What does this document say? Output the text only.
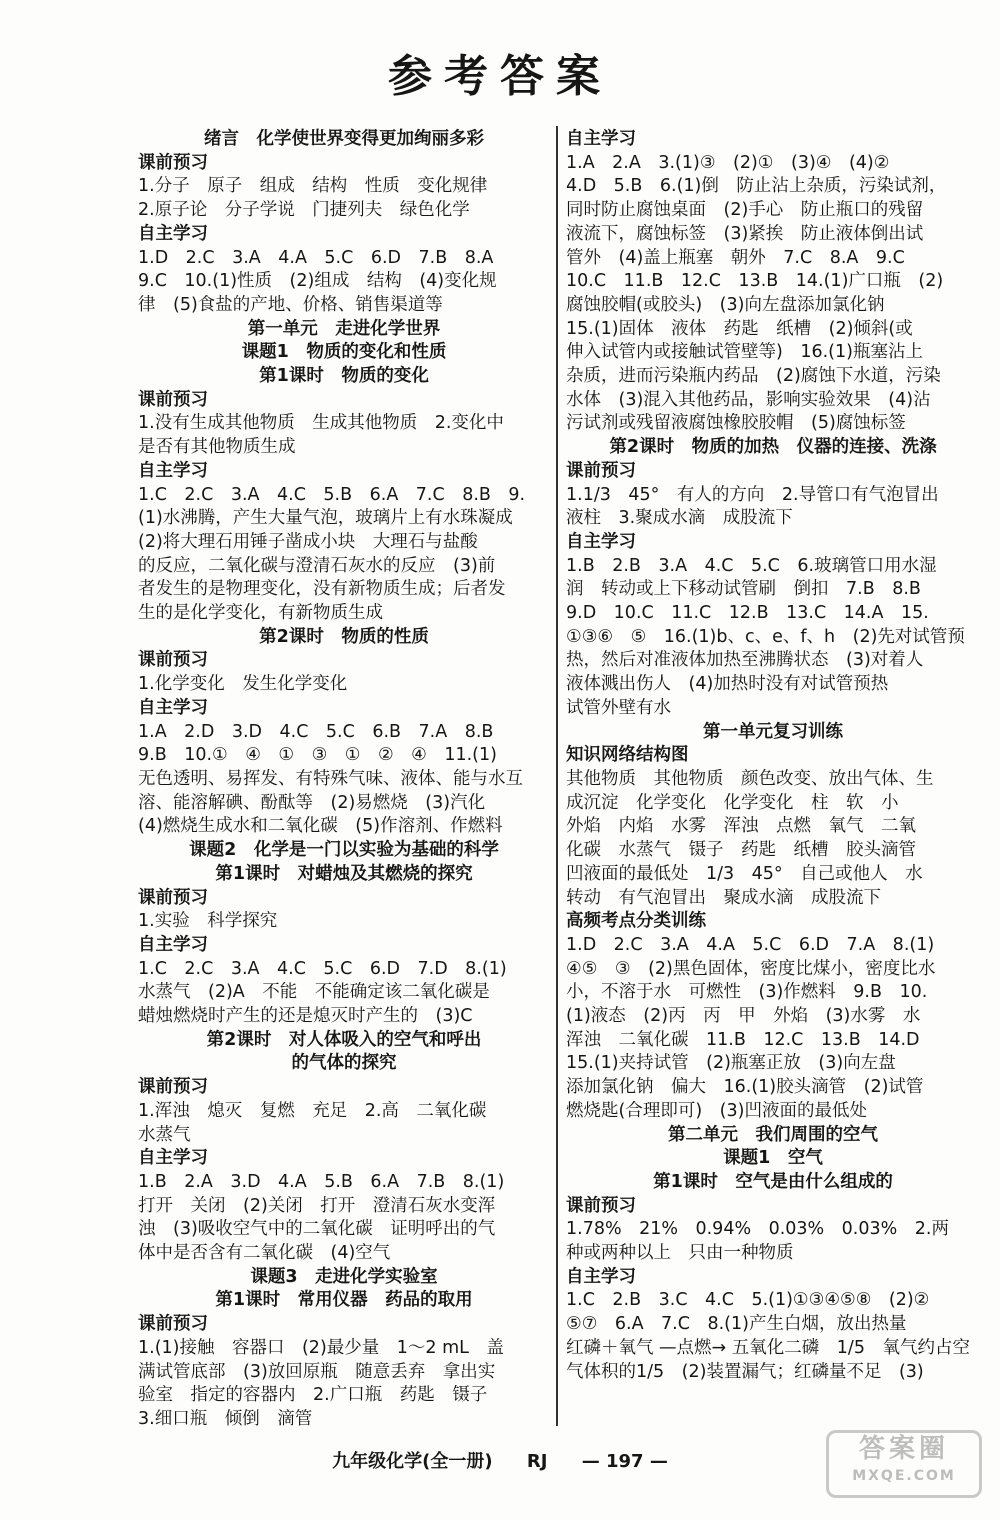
参考答案
绪言　化学使世界变得更加绚丽多彩
课前预习
1.分子　原子　组成　结构　性质　变化规律
2.原子论　分子学说　门捷列夫　绿色化学
自主学习
1.D　2.C　3.A　4.A　5.C　6.D　7.B　8.A
9.C　10.(1)性质　(2)组成　结构　(4)变化规
律　(5)食盐的产地、价格、销售渠道等
第一单元　走进化学世界
课题1　物质的变化和性质
第1课时　物质的变化
课前预习
1.没有生成其他物质　生成其他物质　2.变化中
是否有其他物质生成
自主学习
1.C　2.C　3.A　4.C　5.B　6.A　7.C　8.B　9.
(1)水沸腾，产生大量气泡，玻璃片上有水珠凝成
(2)将大理石用锤子凿成小块　大理石与盐酸
的反应，二氧化碳与澄清石灰水的反应　(3)前
者发生的是物理变化，没有新物质生成；后者发
生的是化学变化，有新物质生成
第2课时　物质的性质
课前预习
1.化学变化　发生化学变化
自主学习
1.A　2.D　3.D　4.C　5.C　6.B　7.A　8.B
9.B　10.①　④　①　③　①　②　④　11.(1)
无色透明、易挥发、有特殊气味、液体、能与水互
溶、能溶解碘、酚酞等　(2)易燃烧　(3)汽化
(4)燃烧生成水和二氧化碳　(5)作溶剂、作燃料
课题2　化学是一门以实验为基础的科学
第1课时　对蜡烛及其燃烧的探究
课前预习
1.实验　科学探究
自主学习
1.C　2.C　3.A　4.C　5.C　6.D　7.D　8.(1)
水蒸气　(2)A　不能　不能确定该二氧化碳是
蜡烛燃烧时产生的还是熄灭时产生的　(3)C
第2课时　对人体吸入的空气和呼出
的气体的探究
课前预习
1.浑浊　熄灭　复燃　充足　2.高　二氧化碳
水蒸气
自主学习
1.B　2.A　3.D　4.A　5.B　6.A　7.B　8.(1)
打开　关闭　(2)关闭　打开　澄清石灰水变浑
浊　(3)吸收空气中的二氧化碳　证明呼出的气
体中是否含有二氧化碳　(4)空气
课题3　走进化学实验室
第1课时　常用仪器　药品的取用
课前预习
1.(1)接触　容器口　(2)最少量　1～2 mL　盖
满试管底部　(3)放回原瓶　随意丢弃　拿出实
验室　指定的容器内　2.广口瓶　药匙　镊子
3.细口瓶　倾倒　滴管
自主学习
1.A　2.A　3.(1)③　(2)①　(3)④　(4)②
4.D　5.B　6.(1)倒　防止沾上杂质，污染试剂，
同时防止腐蚀桌面　(2)手心　防止瓶口的残留
液流下，腐蚀标签　(3)紧挨　防止液体倒出试
管外　(4)盖上瓶塞　朝外　7.C　8.A　9.C
10.C　11.B　12.C　13.B　14.(1)广口瓶　(2)
腐蚀胶帽(或胶头)　(3)向左盘添加氯化钠
15.(1)固体　液体　药匙　纸槽　(2)倾斜(或
伸入试管内或接触试管壁等)　16.(1)瓶塞沾上
杂质，进而污染瓶内药品　(2)腐蚀下水道，污染
水体　(3)混入其他药品，影响实验效果　(4)沾
污试剂或残留液腐蚀橡胶胶帽　(5)腐蚀标签
第2课时　物质的加热　仪器的连接、洗涤
课前预习
1.1/3　45°　有人的方向　2.导管口有气泡冒出
液柱　3.聚成水滴　成股流下
自主学习
1.B　2.B　3.A　4.C　5.C　6.玻璃管口用水湿
润　转动或上下移动试管刷　倒扣　7.B　8.B
9.D　10.C　11.C　12.B　13.C　14.A　15.
①③⑥　⑤　16.(1)b、c、e、f、h　(2)先对试管预
热，然后对准液体加热至沸腾状态　(3)对着人
液体溅出伤人　(4)加热时没有对试管预热
试管外壁有水
第一单元复习训练
知识网络结构图
其他物质　其他物质　颜色改变、放出气体、生
成沉淀　化学变化　化学变化　柱　软　小
外焰　内焰　水雾　浑浊　点燃　氧气　二氧
化碳　水蒸气　镊子　药匙　纸槽　胶头滴管
凹液面的最低处　1/3　45°　自己或他人　水
转动　有气泡冒出　聚成水滴　成股流下
高频考点分类训练
1.D　2.C　3.A　4.A　5.C　6.D　7.A　8.(1)
④⑤　③　(2)黑色固体，密度比煤小，密度比水
小，不溶于水　可燃性　(3)作燃料　9.B　10.
(1)液态　(2)丙　丙　甲　外焰　(3)水雾　水
浑浊　二氧化碳　11.B　12.C　13.B　14.D
15.(1)夹持试管　(2)瓶塞正放　(3)向左盘
添加氯化钠　偏大　16.(1)胶头滴管　(2)试管
燃烧匙(合理即可)　(3)凹液面的最低处
第二单元　我们周围的空气
课题1　空气
第1课时　空气是由什么组成的
课前预习
1.78%　21%　0.94%　0.03%　0.03%　2.两
种或两种以上　只由一种物质
自主学习
1.C　2.B　3.C　4.C　5.(1)①③④⑤⑧　(2)②
⑤⑦　6.A　7.C　8.(1)产生白烟，放出热量
红磷＋氧气 —点燃→ 五氧化二磷　1/5　氧气约占空
气体积的1/5　(2)装置漏气；红磷量不足　(3)
九年级化学(全一册) RJ — 197 —	答案圈
MXQE.COM
